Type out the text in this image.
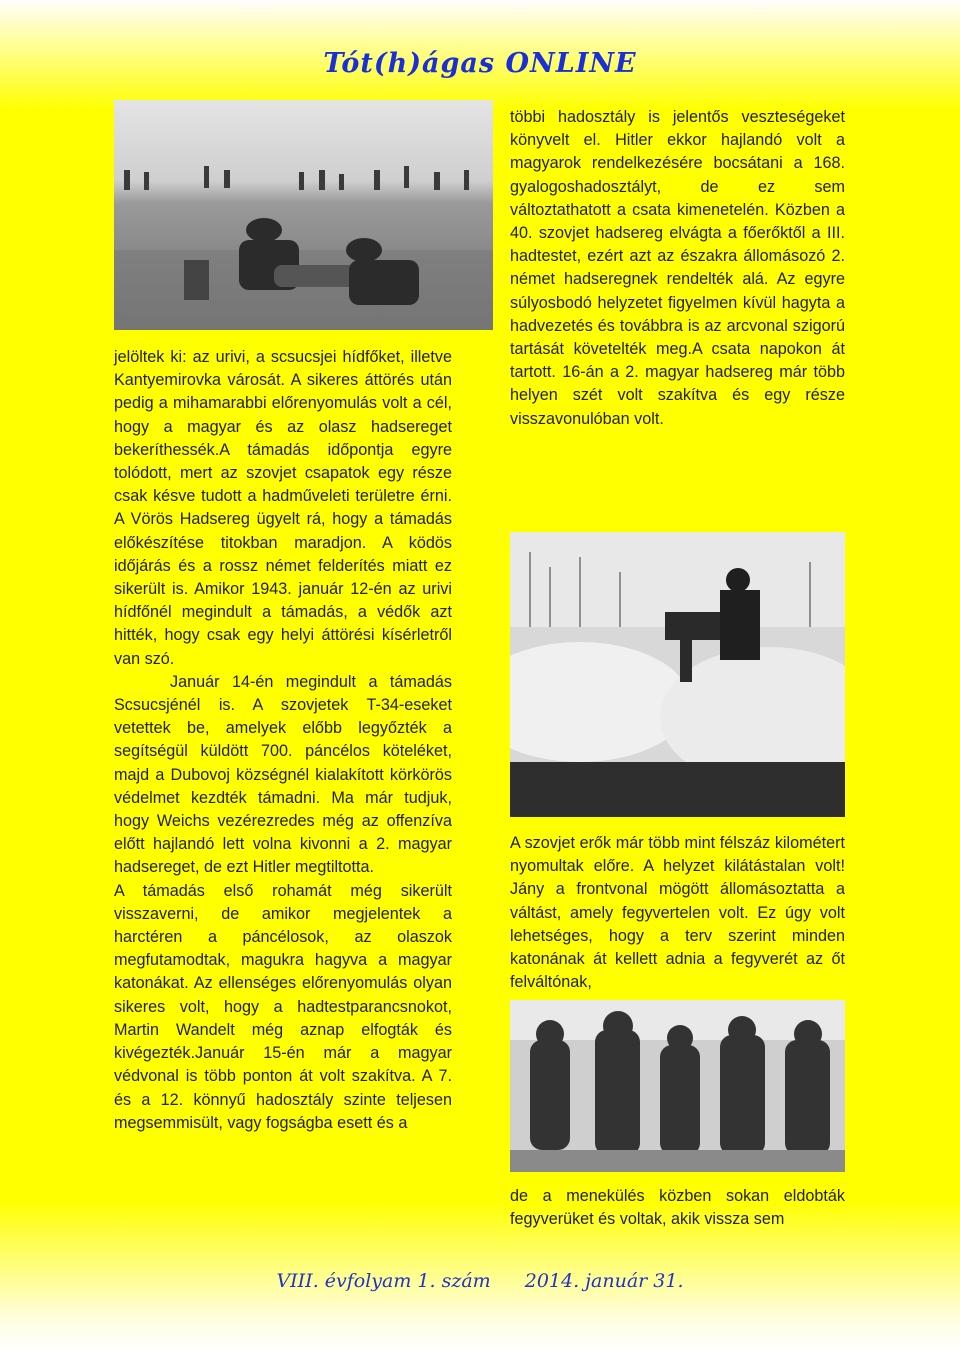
Tót(h)ágas ONLINE

jelöltek ki: az urivi, a scsucsjei hídfőket, illetve Kantyemirovka városát. A sikeres áttörés után pedig a mihamarabbi előrenyomulás volt a cél, hogy a magyar és az olasz hadsereget bekeríthessék.A támadás időpontja egyre tolódott, mert az szovjet csapatok egy része csak késve tudott a hadműveleti területre érni. A Vörös Hadsereg ügyelt rá, hogy a támadás előkészítése titokban maradjon. A ködös időjárás és a rossz német felderítés miatt ez sikerült is. Amikor 1943. január 12-én az urivi hídfőnél megindult a támadás, a védők azt hitték, hogy csak egy helyi áttörési kísérletről van szó.

Január 14-én megindult a támadás Scsucsjénél is. A szovjetek T-34-eseket vetettek be, amelyek előbb legyőzték a segítségül küldött 700. páncélos köteléket, majd a Dubovoj községnél kialakított körkörös védelmet kezdték támadni. Ma már tudjuk, hogy Weichs vezérezredes még az offenzíva előtt hajlandó lett volna kivonni a 2. magyar hadsereget, de ezt Hitler megtiltotta.

A támadás első rohamát még sikerült visszaverni, de amikor megjelentek a harctéren a páncélosok, az olaszok megfutamodtak, magukra hagyva a magyar katonákat. Az ellenséges előrenyomulás olyan sikeres volt, hogy a hadtestparancsnokot, Martin Wandelt még aznap elfogták és kivégezték.Január 15-én már a magyar védvonal is több ponton át volt szakítva. A 7. és a 12. könnyű hadosztály szinte teljesen megsemmisült, vagy fogságba esett és a

többi hadosztály is jelentős veszteségeket könyvelt el. Hitler ekkor hajlandó volt a magyarok rendelkezésére bocsátani a 168. gyalogoshadosztályt, de ez sem változtathatott a csata kimenetelén. Közben a 40. szovjet hadsereg elvágta a főerőktől a III. hadtestet, ezért azt az északra állomásozó 2. német hadseregnek rendelték alá. Az egyre súlyosbodó helyzetet figyelmen kívül hagyta a hadvezetés és továbbra is az arcvonal szigorú tartását követelték meg.A csata napokon át tartott. 16-án a 2. magyar hadsereg már több helyen szét volt szakítva és egy része visszavonulóban volt.

A szovjet erők már több mint félszáz kilométert nyomultak előre. A helyzet kilátástalan volt! Jány a frontvonal mögött állomásoztatta a váltást, amely fegyvertelen volt. Ez úgy volt lehetséges, hogy a terv szerint minden katonának át kellett adnia a fegyverét az őt felváltónak,

de a menekülés közben sokan eldobták fegyverüket és voltak, akik vissza sem

VIII. évfolyam 1. szám 2014. január 31.
